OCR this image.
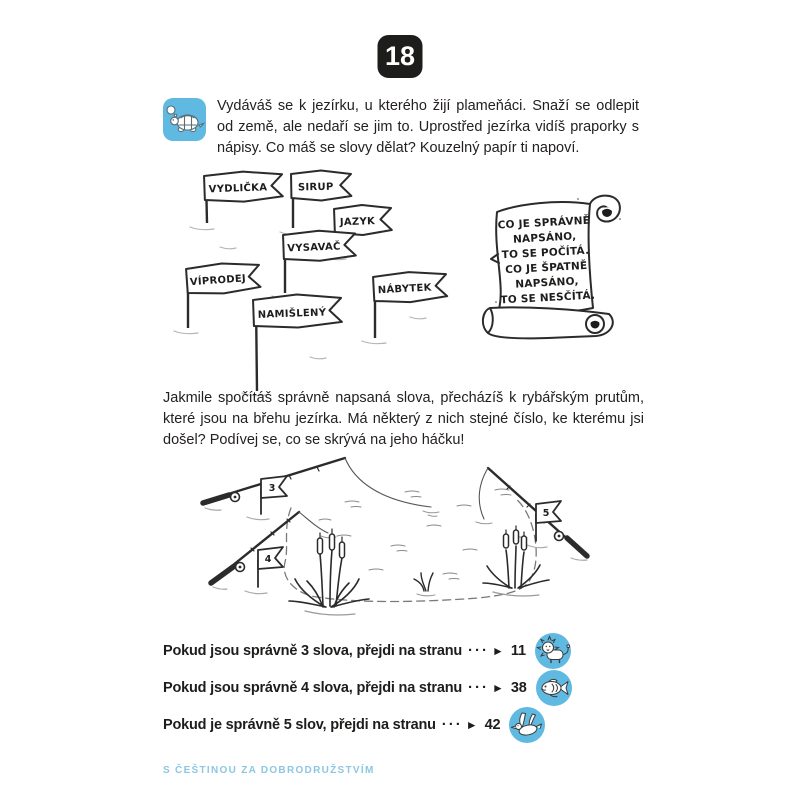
18
Vydáváš se k jezírku, u kterého žijí plameňáci. Snaží se odlepit od země, ale nedaří se jim to. Uprostřed jezírka vidíš praporky s nápisy. Co máš se slovy dělat? Kouzelný papír ti napoví.
VYDLIČKA	SIRUP
JAZYK
VYSAVAČ
VÍPRODEJ
NÁBYTEK
NAMIŠLENÝ
CO JE SPRÁVNĚ
NAPSÁNO,
TO SE POČÍTÁ.
CO JE ŠPATNĚ
NAPSÁNO,
TO SE NESČÍTÁ.
Jakmile spočítáš správně napsaná slova, přecházíš k rybářským prutům, které jsou na břehu jezírka. Má některý z nich stejné číslo, ke kterému jsi došel? Podívej se, co se skrývá na jeho háčku!
3
4
5
Pokud jsou správně 3 slova, přejdi na stranu ··· ► 11
Pokud jsou správně 4 slova, přejdi na stranu ··· ► 38
Pokud je správně 5 slov, přejdi na stranu ··· ► 42
S ČEŠTINOU ZA DOBRODRUŽSTVÍM
